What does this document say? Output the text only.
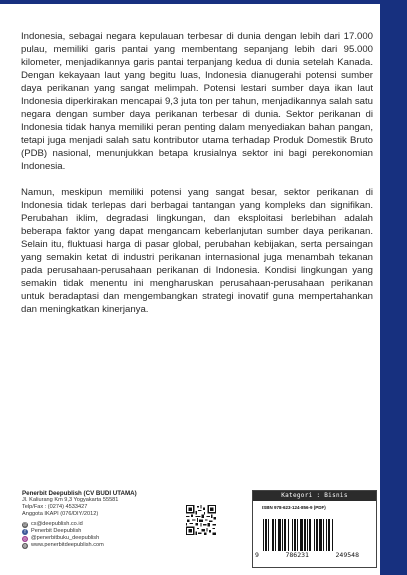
Indonesia, sebagai negara kepulauan terbesar di dunia dengan lebih dari 17.000 pulau, memiliki garis pantai yang membentang sepanjang lebih dari 95.000 kilometer, menjadikannya garis pantai terpanjang kedua di dunia setelah Kanada. Dengan kekayaan laut yang begitu luas, Indonesia dianugerahi potensi sumber daya perikanan yang sangat melimpah. Potensi lestari sumber daya ikan laut Indonesia diperkirakan mencapai 9,3 juta ton per tahun, menjadikannya salah satu negara dengan sumber daya perikanan terbesar di dunia. Sektor perikanan di Indonesia tidak hanya memiliki peran penting dalam menyediakan bahan pangan, tetapi juga menjadi salah satu kontributor utama terhadap Produk Domestik Bruto (PDB) nasional, menunjukkan betapa krusialnya sektor ini bagi perekonomian Indonesia.

Namun, meskipun memiliki potensi yang sangat besar, sektor perikanan di Indonesia tidak terlepas dari berbagai tantangan yang kompleks dan signifikan. Perubahan iklim, degradasi lingkungan, dan eksploitasi berlebihan adalah beberapa faktor yang dapat mengancam keberlanjutan sumber daya perikanan. Selain itu, fluktuasi harga di pasar global, perubahan kebijakan, serta persaingan yang semakin ketat di industri perikanan internasional juga menambah tekanan pada perusahaan-perusahaan perikanan di Indonesia. Kondisi lingkungan yang semakin tidak menentu ini mengharuskan perusahaan-perusahaan perikanan untuk beradaptasi dan mengembangkan strategi inovatif guna mempertahankan dan meningkatkan kinerjanya.

Penerbit Deepublish (CV BUDI UTAMA)
Jl. Kaliurang Km 9,3 Yogyakarta 55581
Telp/Fax : (0274) 4533427
Anggota IKAPI (076/DIY/2012)
@ cs@deepublish.co.id
f Penerbit Deepublish
◎ @penerbitbuku_deepublish
◍ www.penerbitdeepublish.com
Kategori : Bisnis
ISBN 978-623-124-856-9 (PDF)
9	786231	249548
